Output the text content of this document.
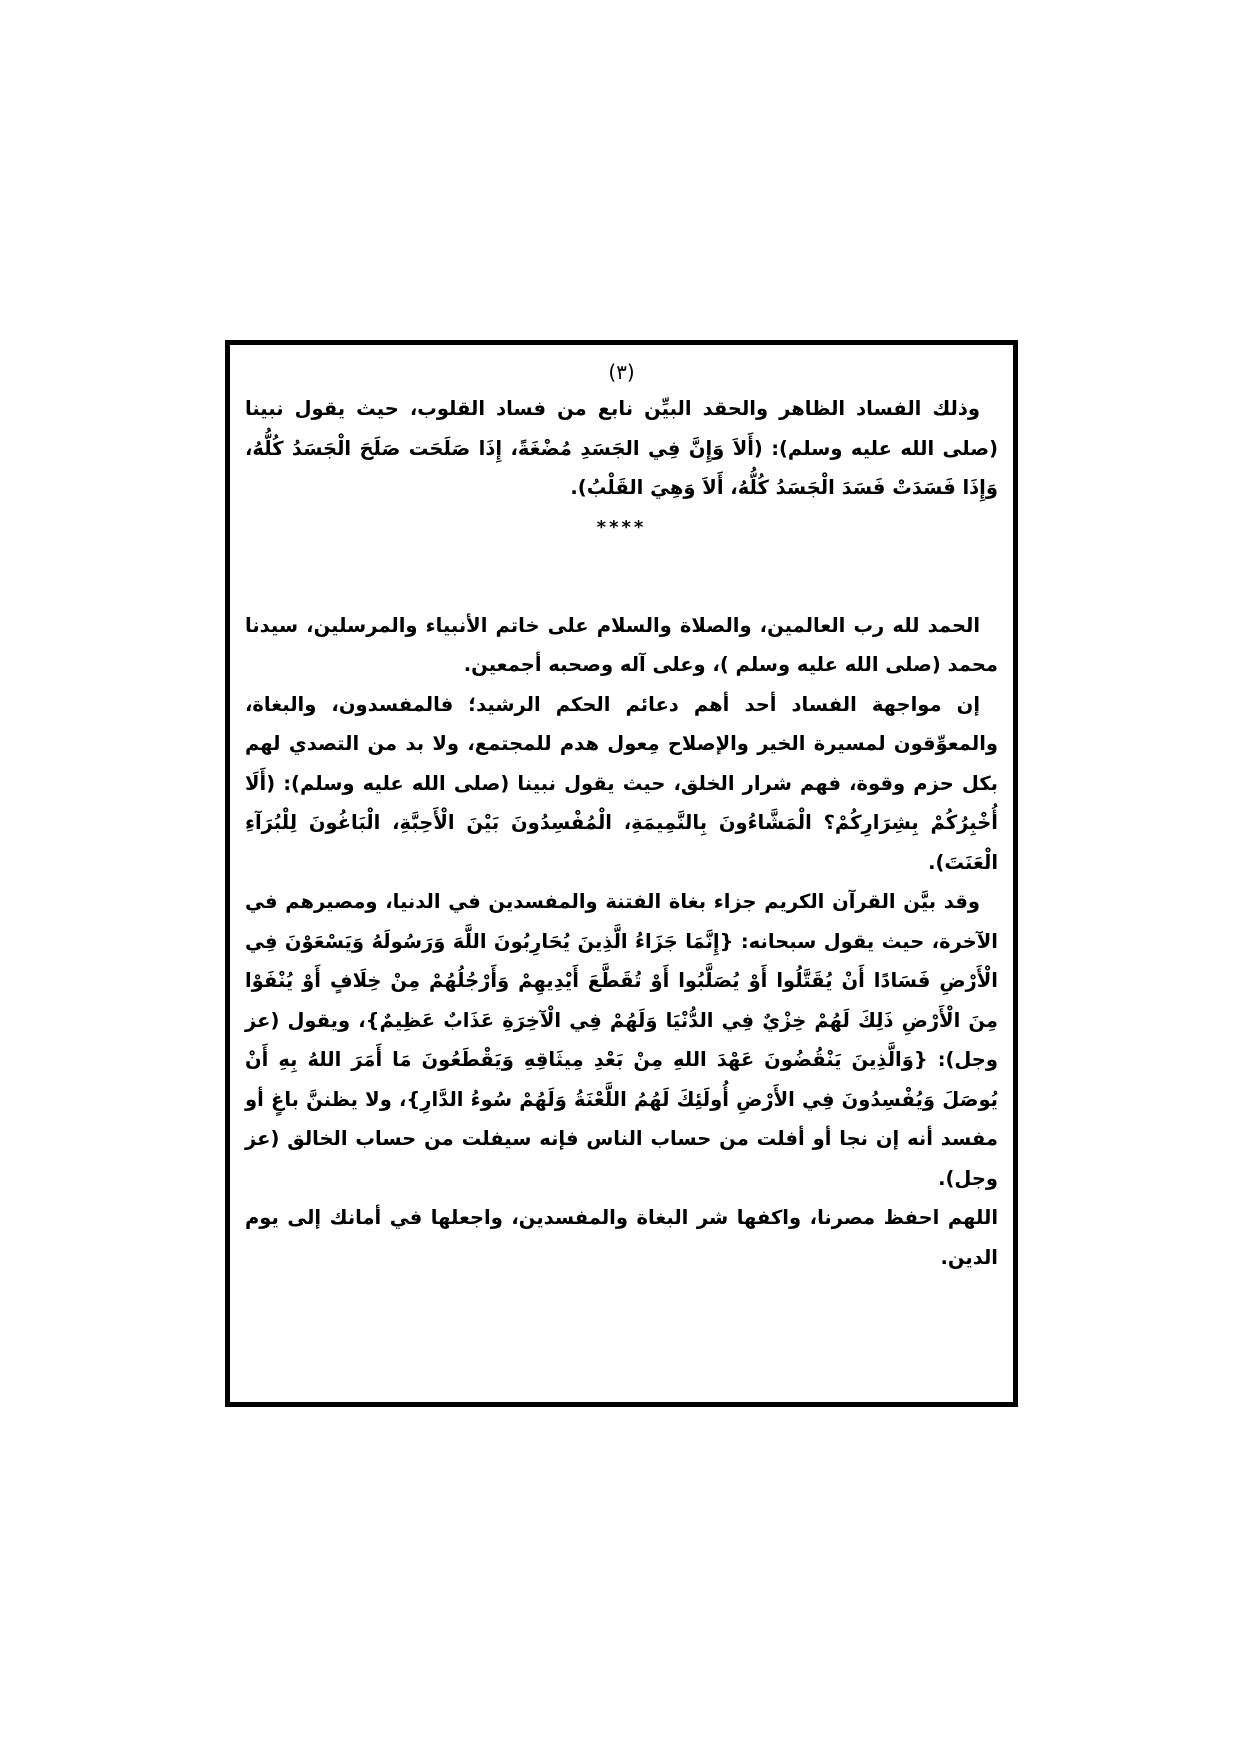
(٣)

وذلك الفساد الظاهر والحقد البيِّن نابع من فساد القلوب، حيث يقول نبينا (صلى الله عليه وسلم): (أَلاَ وَإِنَّ فِي الجَسَدِ مُضْغَةً، إِذَا صَلَحَت صَلَحَ الْجَسَدُ كُلُّهُ، وَإِذَا فَسَدَتْ فَسَدَ الْجَسَدُ كُلُّهُ، أَلاَ وَهِيَ القَلْبُ).

****

الحمد لله رب العالمين، والصلاة والسلام على خاتم الأنبياء والمرسلين، سيدنا محمد (صلى الله عليه وسلم )، وعلى آله وصحبه أجمعين.

إن مواجهة الفساد أحد أهم دعائم الحكم الرشيد؛ فالمفسدون، والبغاة، والمعوِّقون لمسيرة الخير والإصلاح مِعول هدم للمجتمع، ولا بد من التصدي لهم بكل حزم وقوة، فهم شرار الخلق، حيث يقول نبينا (صلى الله عليه وسلم): (أَلَا أُخْبِرُكُمْ بِشِرَارِكُمْ؟ الْمَشَّاءُونَ بِالنَّمِيمَةِ، الْمُفْسِدُونَ بَيْنَ الْأَحِبَّةِ، الْبَاغُونَ لِلْبُرَآءِ الْعَنَتَ).

وقد بيَّن القرآن الكريم جزاء بغاة الفتنة والمفسدين في الدنيا، ومصيرهم في الآخرة، حيث يقول سبحانه: {إِنَّمَا جَزَاءُ الَّذِينَ يُحَارِبُونَ اللَّهَ وَرَسُولَهُ وَيَسْعَوْنَ فِي الْأَرْضِ فَسَادًا أَنْ يُقَتَّلُوا أَوْ يُصَلَّبُوا أَوْ تُقَطَّعَ أَيْدِيهِمْ وَأَرْجُلُهُمْ مِنْ خِلَافٍ أَوْ يُنْفَوْا مِنَ الْأَرْضِ ذَلِكَ لَهُمْ خِزْيٌ فِي الدُّنْيَا وَلَهُمْ فِي الْآخِرَةِ عَذَابٌ عَظِيمٌ}، ويقول (عز وجل): {وَالَّذِينَ يَنْقُضُونَ عَهْدَ اللهِ مِنْ بَعْدِ مِيثَاقِهِ وَيَقْطَعُونَ مَا أَمَرَ اللهُ بِهِ أَنْ يُوصَلَ وَيُفْسِدُونَ فِي الأَرْضِ أُولَئِكَ لَهُمُ اللَّعْنَةُ وَلَهُمْ سُوءُ الدَّارِ}، ولا يظننَّ باغٍ أو مفسد أنه إن نجا أو أفلت من حساب الناس فإنه سيفلت من حساب الخالق (عز وجل).

اللهم احفظ مصرنا، واكفها شر البغاة والمفسدين، واجعلها في أمانك إلى يوم الدين.
